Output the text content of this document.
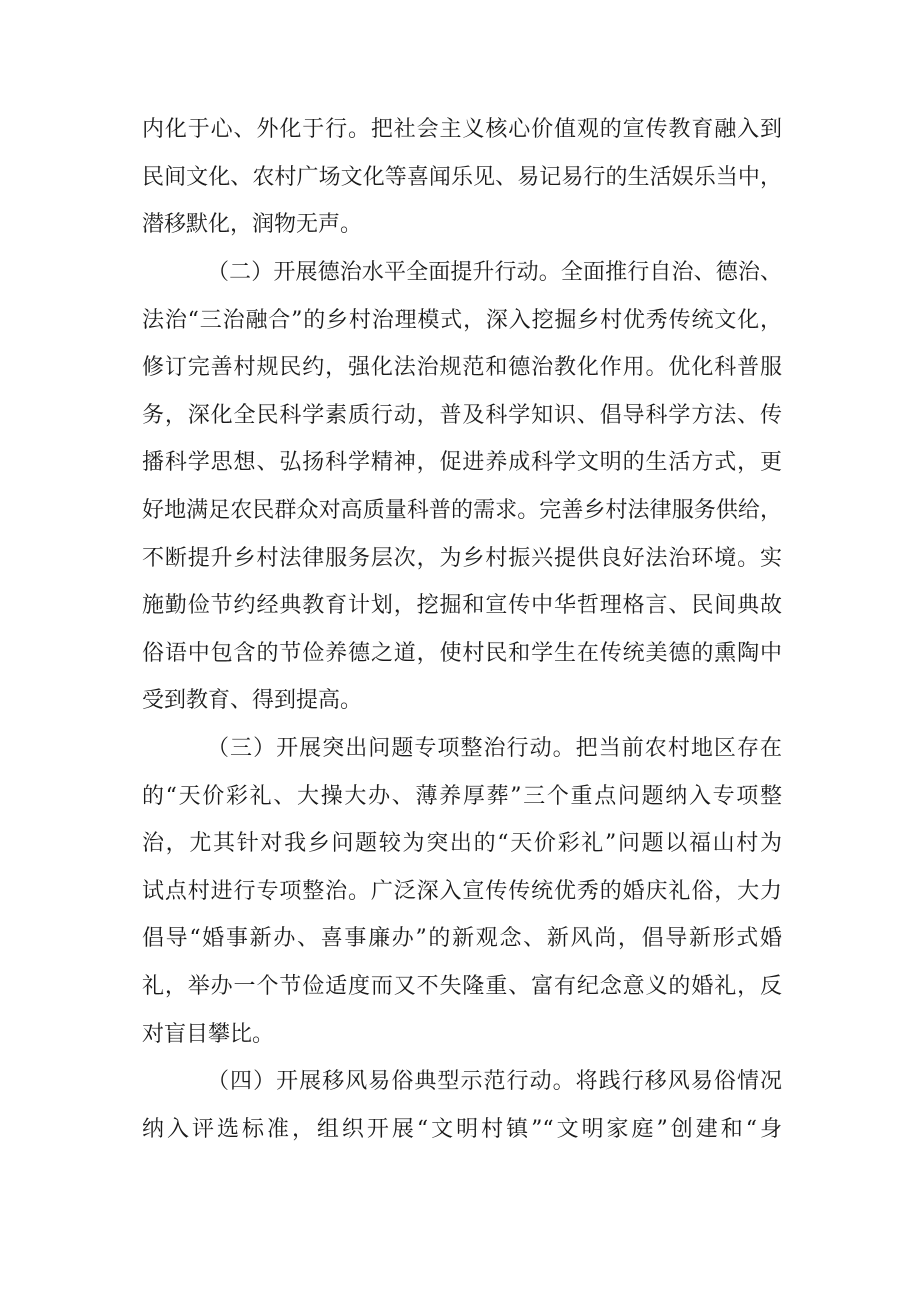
内化于心、外化于行。把社会主义核心价值观的宣传教育融入到
民间文化、农村广场文化等喜闻乐见、易记易行的生活娱乐当中，
潜移默化，润物无声。
（二）开展德治水平全面提升行动。全面推行自治、德治、
法治“三治融合”的乡村治理模式，深入挖掘乡村优秀传统文化，
修订完善村规民约，强化法治规范和德治教化作用。优化科普服
务，深化全民科学素质行动，普及科学知识、倡导科学方法、传
播科学思想、弘扬科学精神，促进养成科学文明的生活方式，更
好地满足农民群众对高质量科普的需求。完善乡村法律服务供给，
不断提升乡村法律服务层次，为乡村振兴提供良好法治环境。实
施勤俭节约经典教育计划，挖掘和宣传中华哲理格言、民间典故
俗语中包含的节俭养德之道，使村民和学生在传统美德的熏陶中
受到教育、得到提高。
（三）开展突出问题专项整治行动。把当前农村地区存在
的“天价彩礼、大操大办、薄养厚葬”三个重点问题纳入专项整
治，尤其针对我乡问题较为突出的“天价彩礼”问题以福山村为
试点村进行专项整治。广泛深入宣传传统优秀的婚庆礼俗，大力
倡导“婚事新办、喜事廉办”的新观念、新风尚，倡导新形式婚
礼，举办一个节俭适度而又不失隆重、富有纪念意义的婚礼，反
对盲目攀比。
（四）开展移风易俗典型示范行动。将践行移风易俗情况
纳入评选标准，组织开展“文明村镇”“文明家庭”创建和“身
